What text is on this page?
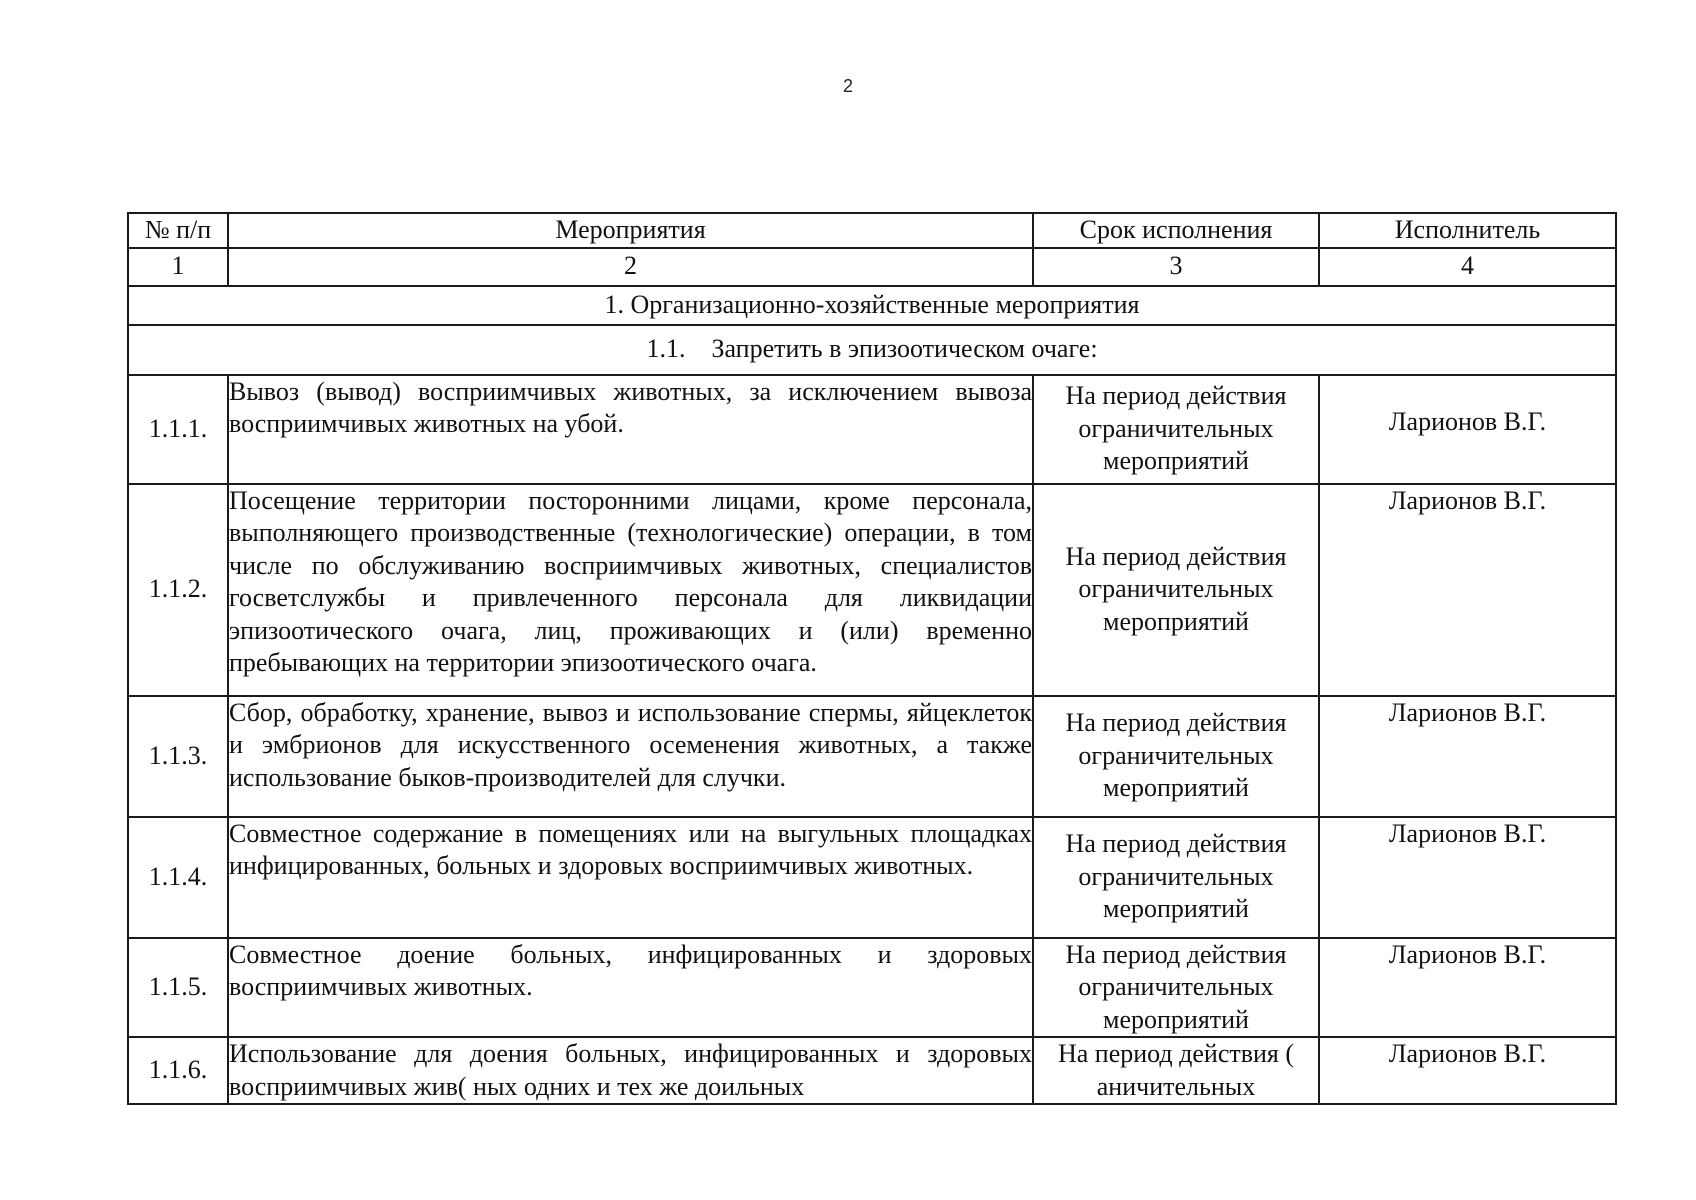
2
№ п/п	Мероприятия	Срок исполнения	Исполнитель
1	2	3	4
1. Организационно-хозяйственные мероприятия			
1.1. Запретить в эпизоотическом очаге:			
1.1.1.	Вывоз (вывод) восприимчивых животных, за исключением вывоза восприимчивых животных на убой.	На период действия ограничительных мероприятий	Ларионов В.Г.
1.1.2.	Посещение территории посторонними лицами, кроме персонала, выполняющего производственные (технологические) операции, в том числе по обслуживанию восприимчивых животных, специалистов госветслужбы и привлеченного персонала для ликвидации эпизоотического очага, лиц, проживающих и (или) временно пребывающих на территории эпизоотического очага.	На период действия ограничительных мероприятий	Ларионов В.Г.
1.1.3.	Сбор, обработку, хранение, вывоз и использование спермы, яйцеклеток и эмбрионов для искусственного осеменения животных, а также использование быков-производителей для случки.	На период действия ограничительных мероприятий	Ларионов В.Г.
1.1.4.	Совместное содержание в помещениях или на выгульных площадках инфицированных, больных и здоровых восприимчивых животных.	На период действия ограничительных мероприятий	Ларионов В.Г.
1.1.5.	Совместное доение больных, инфицированных и здоровых восприимчивых животных.	На период действия ограничительных мероприятий	Ларионов В.Г.
1.1.6.	Использование для доения больных, инфицированных и здоровых восприимчивых жив( ных одних и тех же доильных	На период действия ( аничительных	Ларионов В.Г.
